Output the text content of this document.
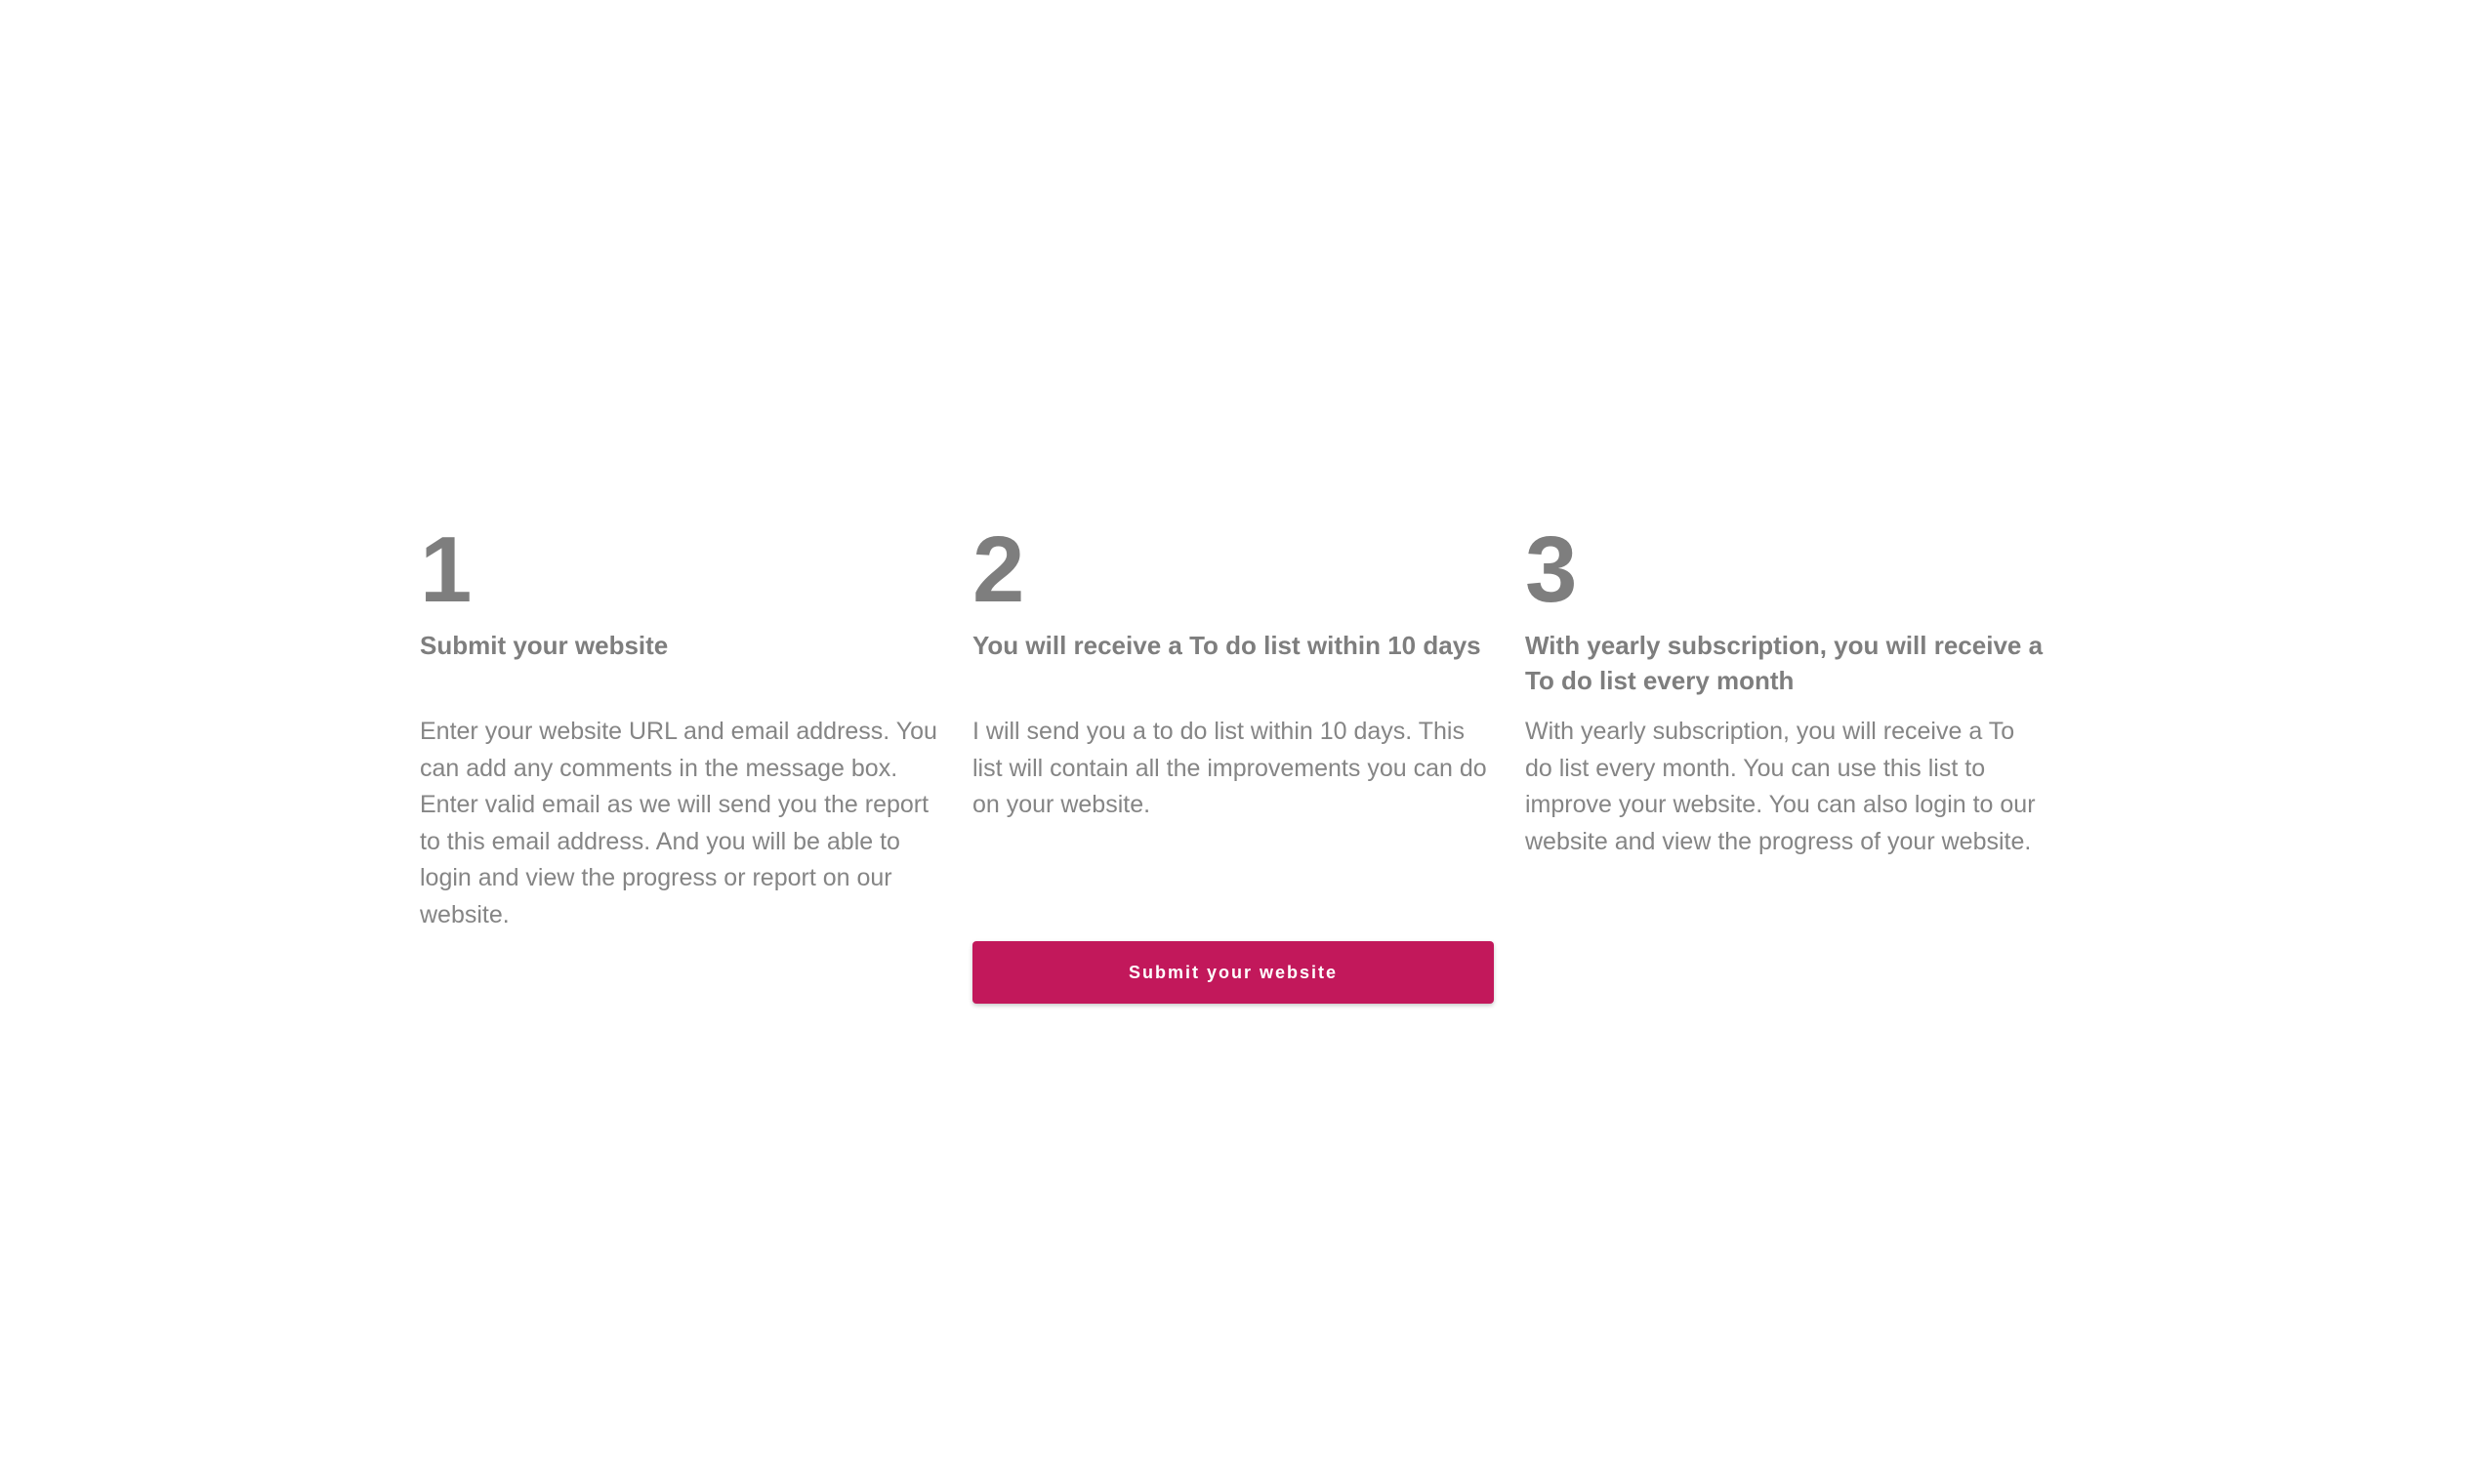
1
Submit your website

Enter your website URL and email address. You can add any comments in the message box. Enter valid email as we will send you the report to this email address. And you will be able to login and view the progress or report on our website.

2
You will receive a To do list within 10 days

I will send you a to do list within 10 days. This list will contain all the improvements you can do on your website.

3
With yearly subscription, you will receive a To do list every month

With yearly subscription, you will receive a To do list every month. You can use this list to improve your website. You can also login to our website and view the progress of your website.

Submit your website
